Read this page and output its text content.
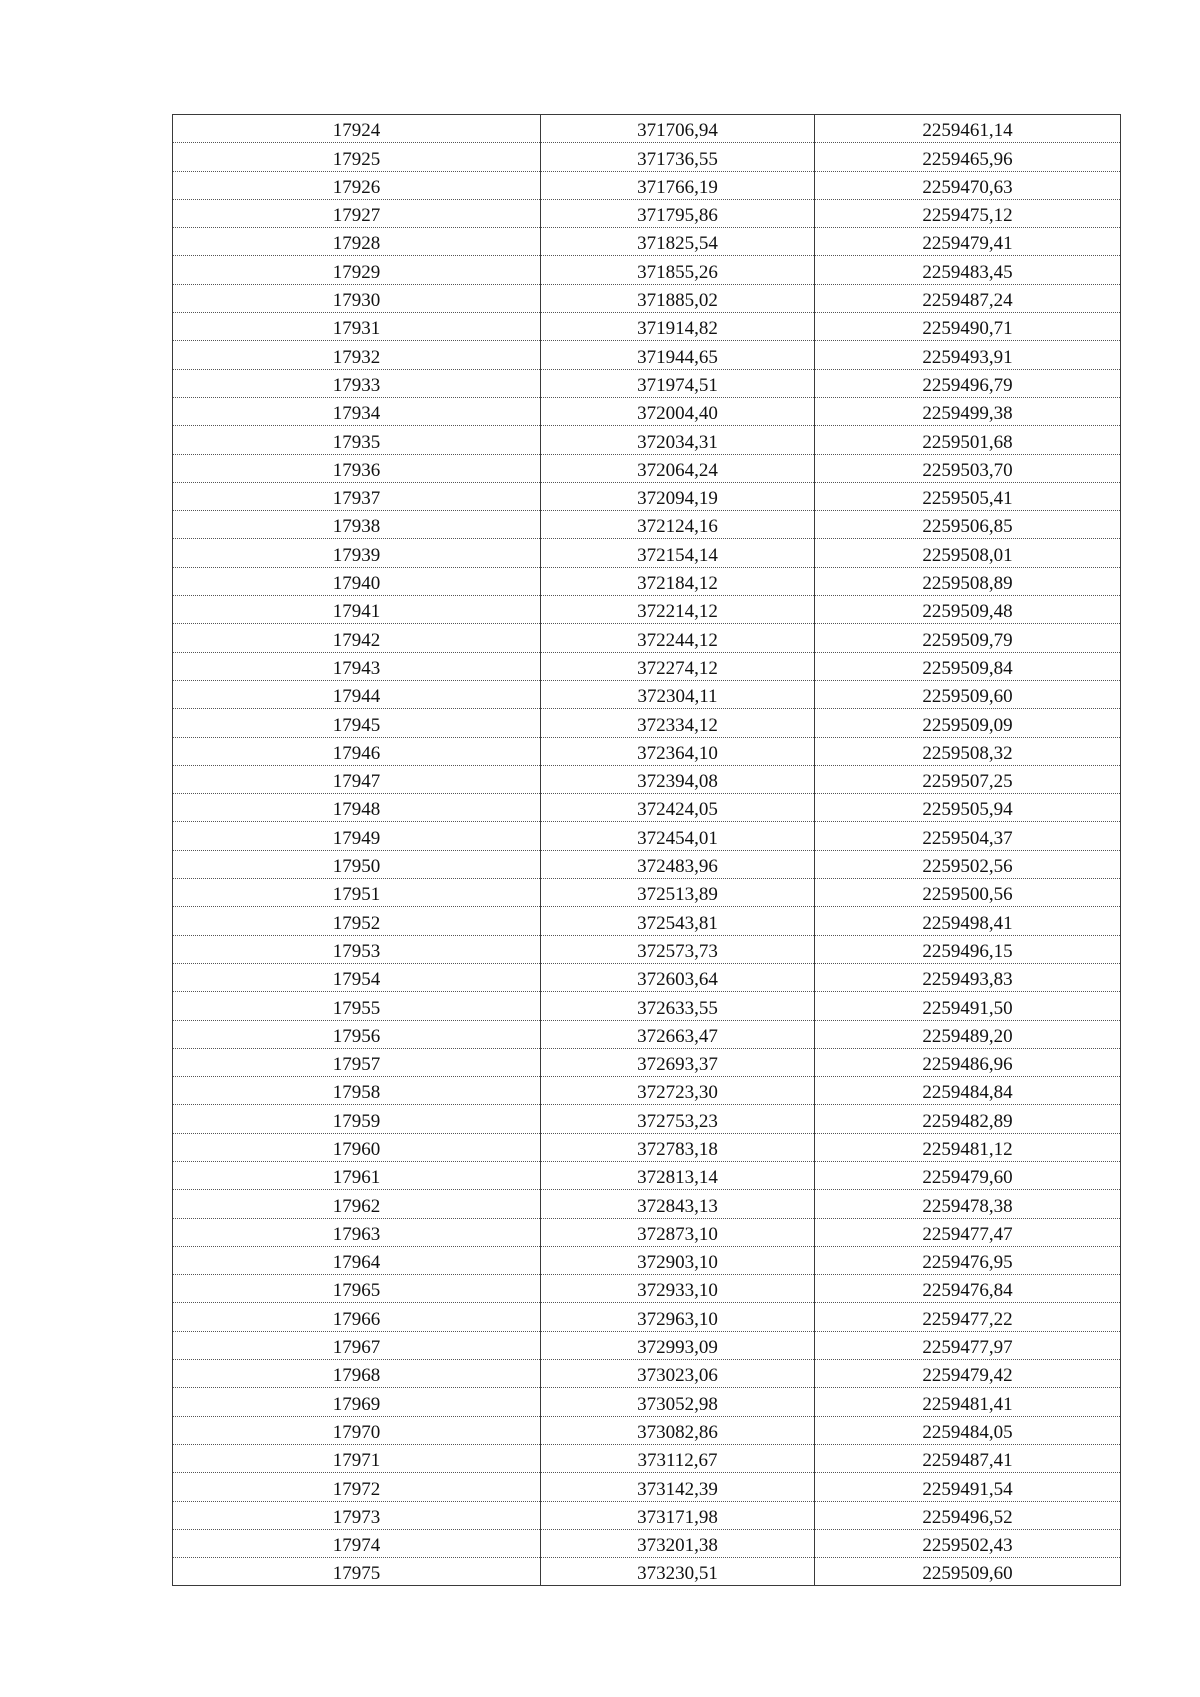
17924	371706,94	2259461,14
17925	371736,55	2259465,96
17926	371766,19	2259470,63
17927	371795,86	2259475,12
17928	371825,54	2259479,41
17929	371855,26	2259483,45
17930	371885,02	2259487,24
17931	371914,82	2259490,71
17932	371944,65	2259493,91
17933	371974,51	2259496,79
17934	372004,40	2259499,38
17935	372034,31	2259501,68
17936	372064,24	2259503,70
17937	372094,19	2259505,41
17938	372124,16	2259506,85
17939	372154,14	2259508,01
17940	372184,12	2259508,89
17941	372214,12	2259509,48
17942	372244,12	2259509,79
17943	372274,12	2259509,84
17944	372304,11	2259509,60
17945	372334,12	2259509,09
17946	372364,10	2259508,32
17947	372394,08	2259507,25
17948	372424,05	2259505,94
17949	372454,01	2259504,37
17950	372483,96	2259502,56
17951	372513,89	2259500,56
17952	372543,81	2259498,41
17953	372573,73	2259496,15
17954	372603,64	2259493,83
17955	372633,55	2259491,50
17956	372663,47	2259489,20
17957	372693,37	2259486,96
17958	372723,30	2259484,84
17959	372753,23	2259482,89
17960	372783,18	2259481,12
17961	372813,14	2259479,60
17962	372843,13	2259478,38
17963	372873,10	2259477,47
17964	372903,10	2259476,95
17965	372933,10	2259476,84
17966	372963,10	2259477,22
17967	372993,09	2259477,97
17968	373023,06	2259479,42
17969	373052,98	2259481,41
17970	373082,86	2259484,05
17971	373112,67	2259487,41
17972	373142,39	2259491,54
17973	373171,98	2259496,52
17974	373201,38	2259502,43
17975	373230,51	2259509,60
